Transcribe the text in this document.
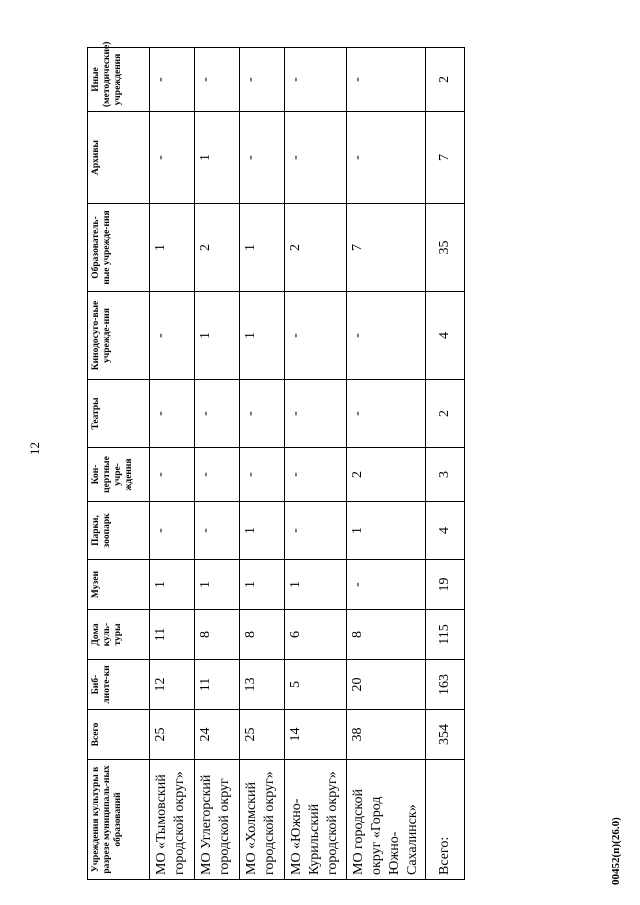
12
Учреждения культуры в разрезе муниципаль-ных образований	Всего	Биб-лиоте-ки	Дома куль-туры	Музеи	Парки, зоопарк	Кон-цертные учре-ждения	Театры	Кинодосуго-вые учрежде-ния	Образователь-ные учрежде-ния	Архивы	Иные (методические) учреждения
МО «Тымовский городской округ»	25	12	11	1	-	-	-	-	1	-	-
МО Углегорский городской округ	24	11	8	1	-	-	-	1	2	1	-
МО «Холмский городской округ»	25	13	8	1	1	-	-	1	1	-	-
МО «Южно-Курильский городской округ»	14	5	6	1	-	-	-	-	2	-	-
МО городской округ «Город Южно-Сахалинск»	38	20	8	-	1	2	-	-	7	-	-
Всего:	354	163	115	19	4	3	2	4	35	7	2
00452(п)(26.0)
